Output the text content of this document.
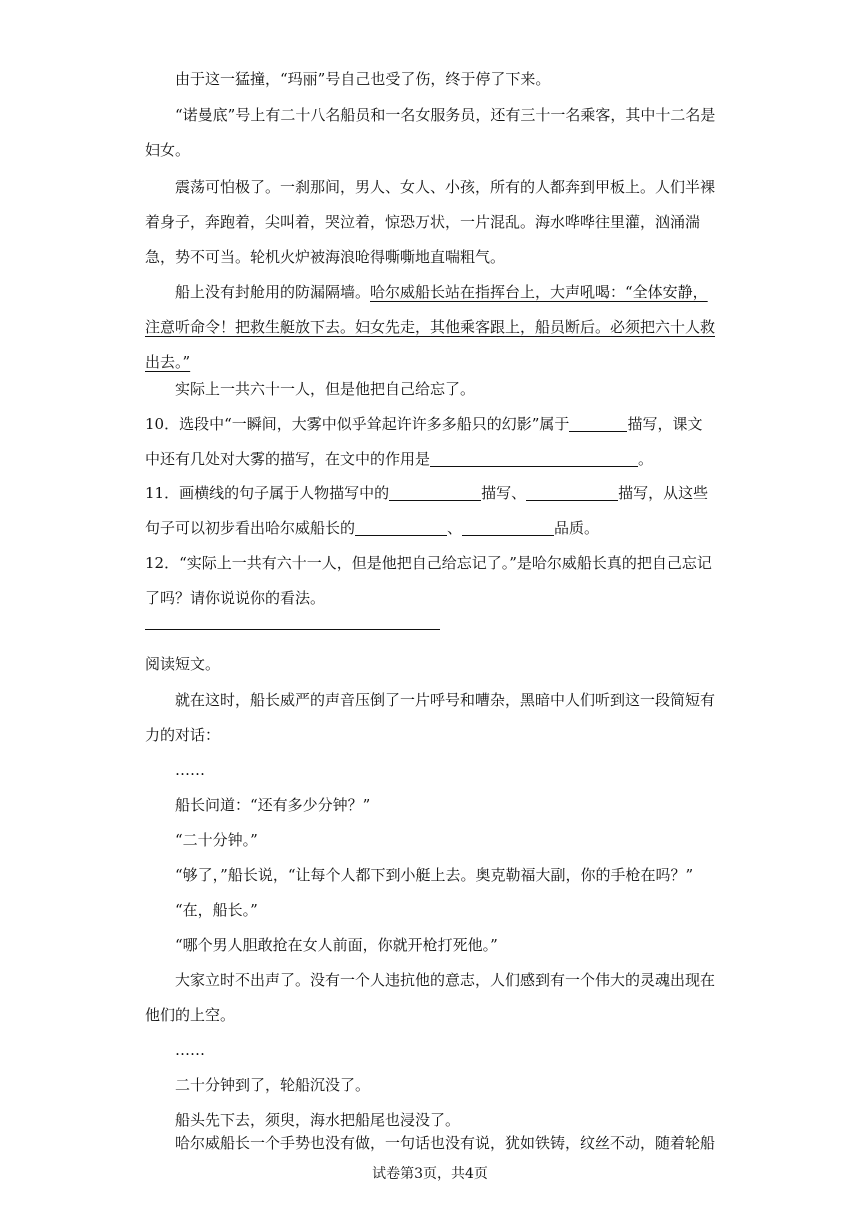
由于这一猛撞，“玛丽”号自己也受了伤，终于停了下来。

“诺曼底”号上有二十八名船员和一名女服务员，还有三十一名乘客，其中十二名是妇女。

震荡可怕极了。一刹那间，男人、女人、小孩，所有的人都奔到甲板上。人们半裸着身子，奔跑着，尖叫着，哭泣着，惊恐万状，一片混乱。海水哗哗往里灌，汹涌湍急，势不可当。轮机火炉被海浪呛得嘶嘶地直喘粗气。

船上没有封舱用的防漏隔墙。哈尔威船长站在指挥台上，大声吼喝：“全体安静，注意听命令！把救生艇放下去。妇女先走，其他乘客跟上，船员断后。必须把六十人救出去。”

实际上一共六十一人，但是他把自己给忘了。

10．选段中“一瞬间，大雾中似乎耸起许许多多船只的幻影”属于	描写，课文中还有几处对大雾的描写，在文中的作用是	。

11．画横线的句子属于人物描写中的	描写、	描写，从这些句子可以初步看出哈尔威船长的	、	品质。

12．“实际上一共有六十一人，但是他把自己给忘记了。”是哈尔威船长真的把自己忘记了吗？请你说说你的看法。

阅读短文。

就在这时，船长威严的声音压倒了一片呼号和嘈杂，黑暗中人们听到这一段简短有力的对话：

……

船长问道：“还有多少分钟？”

“二十分钟。”

“够了，”船长说，“让每个人都下到小艇上去。奥克勒福大副，你的手枪在吗？”

“在，船长。”

“哪个男人胆敢抢在女人前面，你就开枪打死他。”

大家立时不出声了。没有一个人违抗他的意志，人们感到有一个伟大的灵魂出现在他们的上空。

……

二十分钟到了，轮船沉没了。

船头先下去，须臾，海水把船尾也浸没了。

哈尔威船长一个手势也没有做，一句话也没有说，犹如铁铸，纹丝不动，随着轮船

试卷第3页，共4页
